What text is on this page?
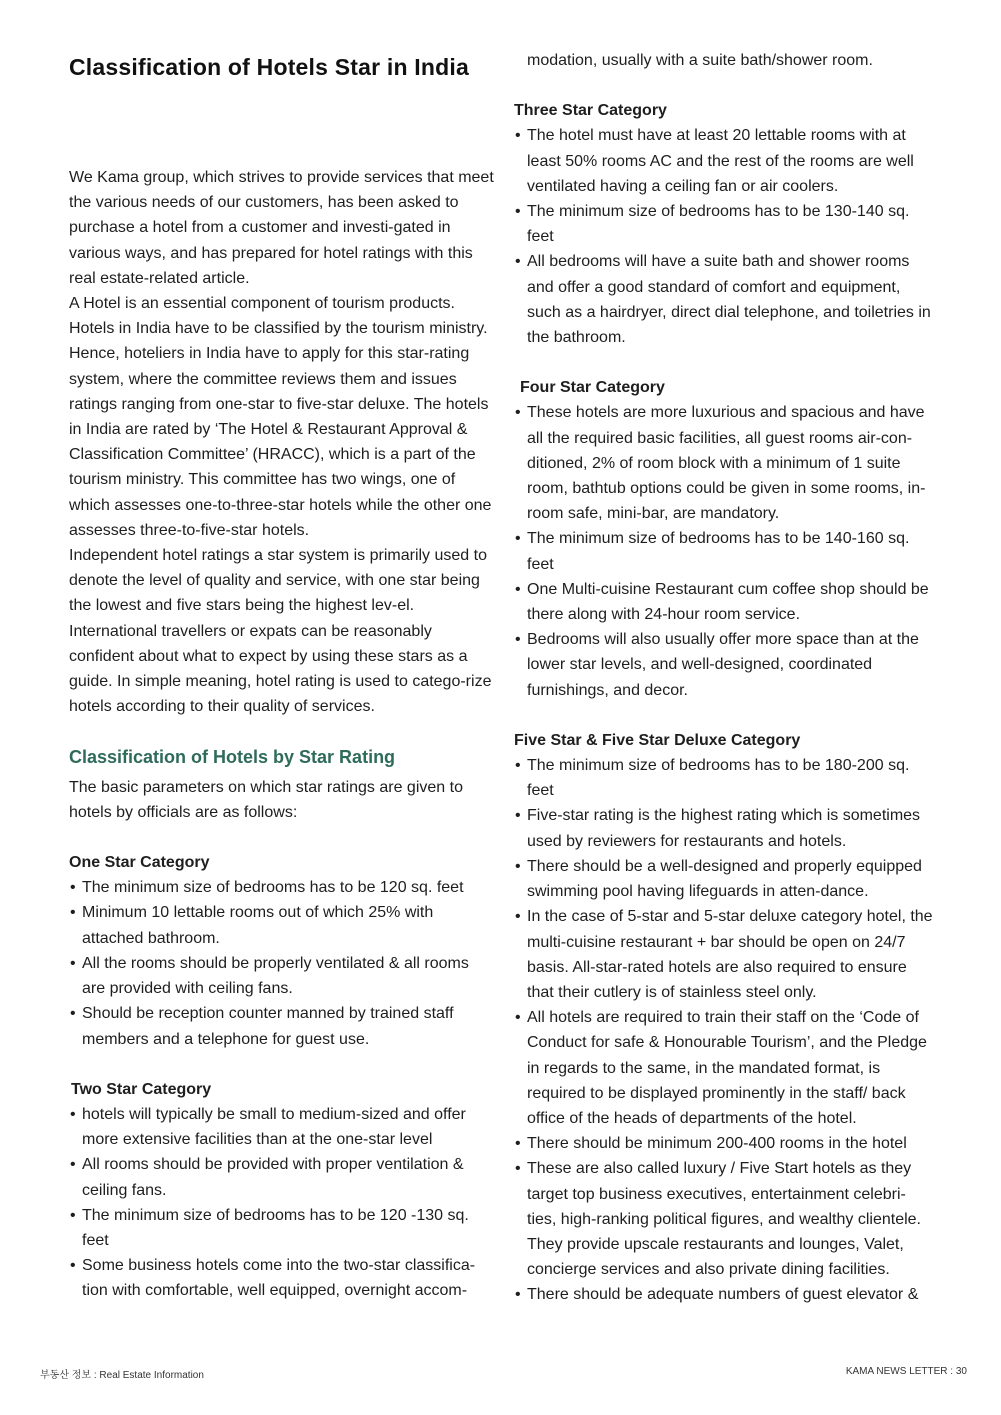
Classification of Hotels Star in India

We Kama group, which strives to provide services that meet the various needs of our customers, has been asked to purchase a hotel from a customer and investi-gated in various ways, and has prepared for hotel ratings with this real estate-related article.

A Hotel is an essential component of tourism products. Hotels in India have to be classified by the tourism ministry. Hence, hoteliers in India have to apply for this star-rating system, where the committee reviews them and issues ratings ranging from one-star to five-star deluxe. The hotels in India are rated by ‘The Hotel & Restaurant Approval & Classification Committee’ (HRACC), which is a part of the tourism ministry. This committee has two wings, one of which assesses one-to-three-star hotels while the other one assesses three-to-five-star hotels.

Independent hotel ratings a star system is primarily used to denote the level of quality and service, with one star being the lowest and five stars being the highest lev-el. International travellers or expats can be reasonably confident about what to expect by using these stars as a guide. In simple meaning, hotel rating is used to catego-rize hotels according to their quality of services.

Classification of Hotels by Star Rating

The basic parameters on which star ratings are given to hotels by officials are as follows:

One Star Category
• The minimum size of bedrooms has to be 120 sq. feet
• Minimum 10 lettable rooms out of which 25% with attached bathroom.
• All the rooms should be properly ventilated & all rooms are provided with ceiling fans.
• Should be reception counter manned by trained staff members and a telephone for guest use.
Two Star Category
• hotels will typically be small to medium-sized and offer more extensive facilities than at the one-star level
• All rooms should be provided with proper ventilation & ceiling fans.
• The minimum size of bedrooms has to be 120 -130 sq. feet
• Some business hotels come into the two-star classifica-tion with comfortable, well equipped, overnight accom-
modation, usually with a suite bath/shower room.
Three Star Category
• The hotel must have at least 20 lettable rooms with at least 50% rooms AC and the rest of the rooms are well ventilated having a ceiling fan or air coolers.
• The minimum size of bedrooms has to be 130-140 sq. feet
• All bedrooms will have a suite bath and shower rooms and offer a good standard of comfort and equipment, such as a hairdryer, direct dial telephone, and toiletries in the bathroom.
Four Star Category
• These hotels are more luxurious and spacious and have all the required basic facilities, all guest rooms air-con-ditioned, 2% of room block with a minimum of 1 suite room, bathtub options could be given in some rooms, in-room safe, mini-bar, are mandatory.
• The minimum size of bedrooms has to be 140-160 sq. feet
• One Multi-cuisine Restaurant cum coffee shop should be there along with 24-hour room service.
• Bedrooms will also usually offer more space than at the lower star levels, and well-designed, coordinated furnishings, and decor.
Five Star & Five Star Deluxe Category
• The minimum size of bedrooms has to be 180-200 sq. feet
• Five-star rating is the highest rating which is sometimes used by reviewers for restaurants and hotels.
• There should be a well-designed and properly equipped swimming pool having lifeguards in atten-dance.
• In the case of 5-star and 5-star deluxe category hotel, the multi-cuisine restaurant + bar should be open on 24/7 basis. All-star-rated hotels are also required to ensure that their cutlery is of stainless steel only.
• All hotels are required to train their staff on the ‘Code of Conduct for safe & Honourable Tourism’, and the Pledge in regards to the same, in the mandated format, is required to be displayed prominently in the staff/ back office of the heads of departments of the hotel.
• There should be minimum 200-400 rooms in the hotel
• These are also called luxury / Five Start hotels as they target top business executives, entertainment celebri-ties, high-ranking political figures, and wealthy clientele. They provide upscale restaurants and lounges, Valet, concierge services and also private dining facilities.
• There should be adequate numbers of guest elevator &
부동산 정보 : Real Estate Information	KAMA NEWS LETTER : 30
